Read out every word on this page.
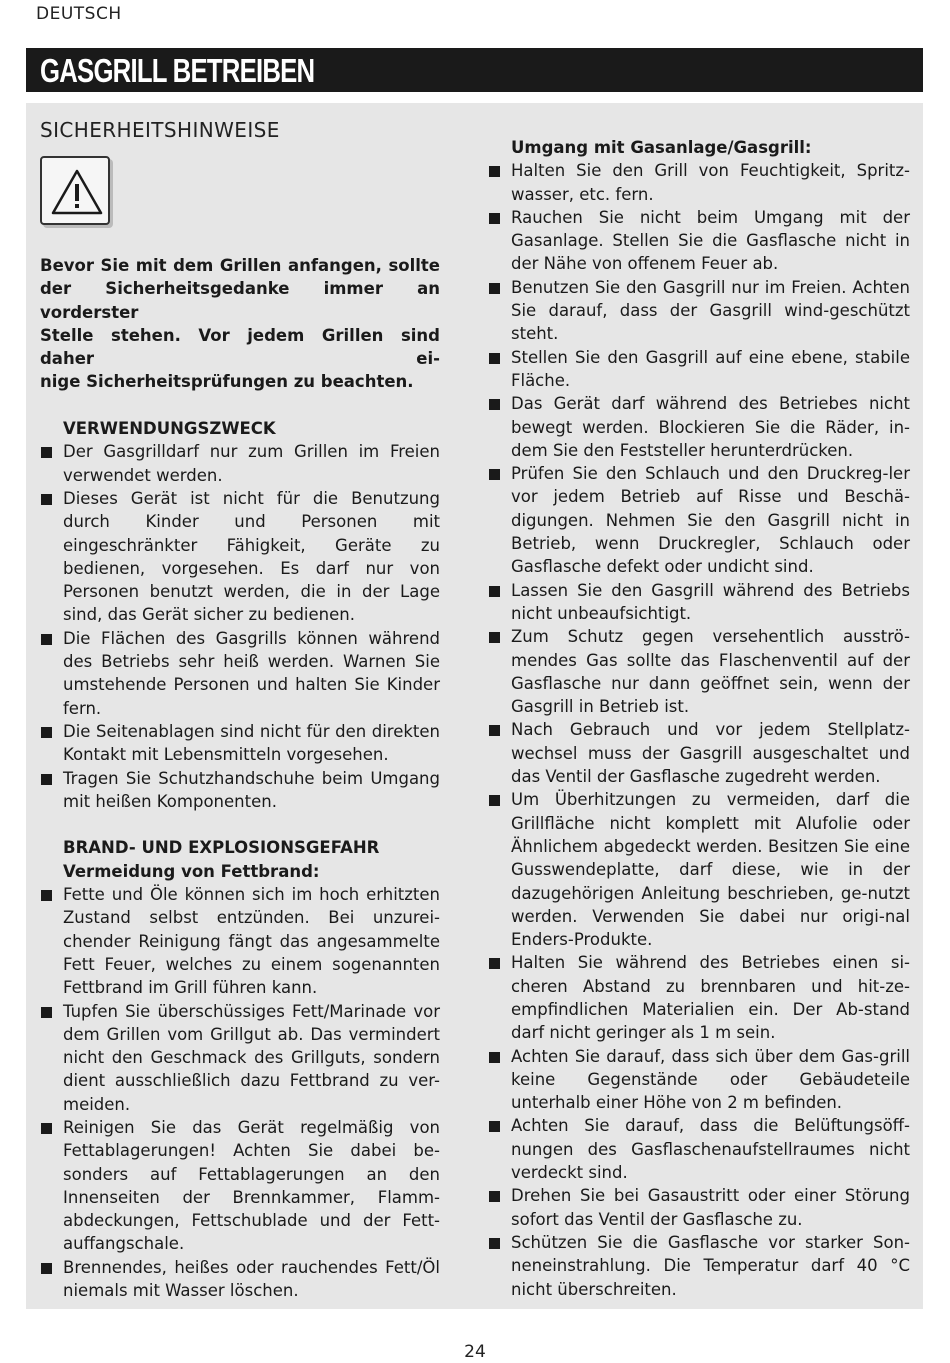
DEUTSCH
GASGRILL BETREIBEN
SICHERHEITSHINWEISE
Bevor Sie mit dem Grillen anfangen, sollte
der Sicherheitsgedanke immer an vorderster
Stelle stehen. Vor jedem Grillen sind daher ei-
nige Sicherheitsprüfungen zu beachten.
VERWENDUNGSZWECK
Der Gasgrilldarf nur zum Grillen im Freien verwendet werden.
Dieses Gerät ist nicht für die Benutzung durch Kinder und Personen mit eingeschränkter Fähigkeit, Geräte zu bedienen, vorgesehen. Es darf nur von Personen benutzt werden, die in der Lage sind, das Gerät sicher zu bedienen.
Die Flächen des Gasgrills können während des Betriebs sehr heiß werden. Warnen Sie umstehende Personen und halten Sie Kinder fern.
Die Seitenablagen sind nicht für den direkten Kontakt mit Lebensmitteln vorgesehen.
Tragen Sie Schutzhandschuhe beim Umgang mit heißen Komponenten.
BRAND- UND EXPLOSIONSGEFAHR
Vermeidung von Fettbrand:
Fette und Öle können sich im hoch erhitzten Zustand selbst entzünden. Bei unzurei-chender Reinigung fängt das angesammelte Fett Feuer, welches zu einem sogenannten Fettbrand im Grill führen kann.
Tupfen Sie überschüssiges Fett/Marinade vor dem Grillen vom Grillgut ab. Das vermindert nicht den Geschmack des Grillguts, sondern dient ausschließlich dazu Fettbrand zu ver-meiden.
Reinigen Sie das Gerät regelmäßig von Fettablagerungen! Achten Sie dabei be-sonders auf Fettablagerungen an den Innenseiten der Brennkammer, Flamm-abdeckungen, Fettschublade und der Fett-auffangschale.
Brennendes, heißes oder rauchendes Fett/Öl niemals mit Wasser löschen.
Umgang mit Gasanlage/Gasgrill:
Halten Sie den Grill von Feuchtigkeit, Spritz-wasser, etc. fern.
Rauchen Sie nicht beim Umgang mit der Gasanlage. Stellen Sie die Gasflasche nicht in der Nähe von offenem Feuer ab.
Benutzen Sie den Gasgrill nur im Freien. Achten Sie darauf, dass der Gasgrill wind-geschützt steht.
Stellen Sie den Gasgrill auf eine ebene, stabile Fläche.
Das Gerät darf während des Betriebes nicht bewegt werden. Blockieren Sie die Räder, in-dem Sie den Feststeller herunterdrücken.
Prüfen Sie den Schlauch und den Druckreg-ler vor jedem Betrieb auf Risse und Beschä-digungen. Nehmen Sie den Gasgrill nicht in Betrieb, wenn Druckregler, Schlauch oder Gasflasche defekt oder undicht sind.
Lassen Sie den Gasgrill während des Betriebs nicht unbeaufsichtigt.
Zum Schutz gegen versehentlich ausströ-mendes Gas sollte das Flaschenventil auf der Gasflasche nur dann geöffnet sein, wenn der Gasgrill in Betrieb ist.
Nach Gebrauch und vor jedem Stellplatz-wechsel muss der Gasgrill ausgeschaltet und das Ventil der Gasflasche zugedreht werden.
Um Überhitzungen zu vermeiden, darf die Grillfläche nicht komplett mit Alufolie oder Ähnlichem abgedeckt werden. Besitzen Sie eine Gusswendeplatte, darf diese, wie in der dazugehörigen Anleitung beschrieben, ge-nutzt werden. Verwenden Sie dabei nur origi-nal Enders-Produkte.
Halten Sie während des Betriebes einen si-cheren Abstand zu brennbaren und hit-ze-empfindlichen Materialien ein. Der Ab-stand darf nicht geringer als 1 m sein.
Achten Sie darauf, dass sich über dem Gas-grill keine Gegenstände oder Gebäudeteile unterhalb einer Höhe von 2 m befinden.
Achten Sie darauf, dass die Belüftungsöff-nungen des Gasflaschenaufstellraumes nicht verdeckt sind.
Drehen Sie bei Gasaustritt oder einer Störung sofort das Ventil der Gasflasche zu.
Schützen Sie die Gasflasche vor starker Son-neneinstrahlung. Die Temperatur darf 40 °C nicht überschreiten.
24
